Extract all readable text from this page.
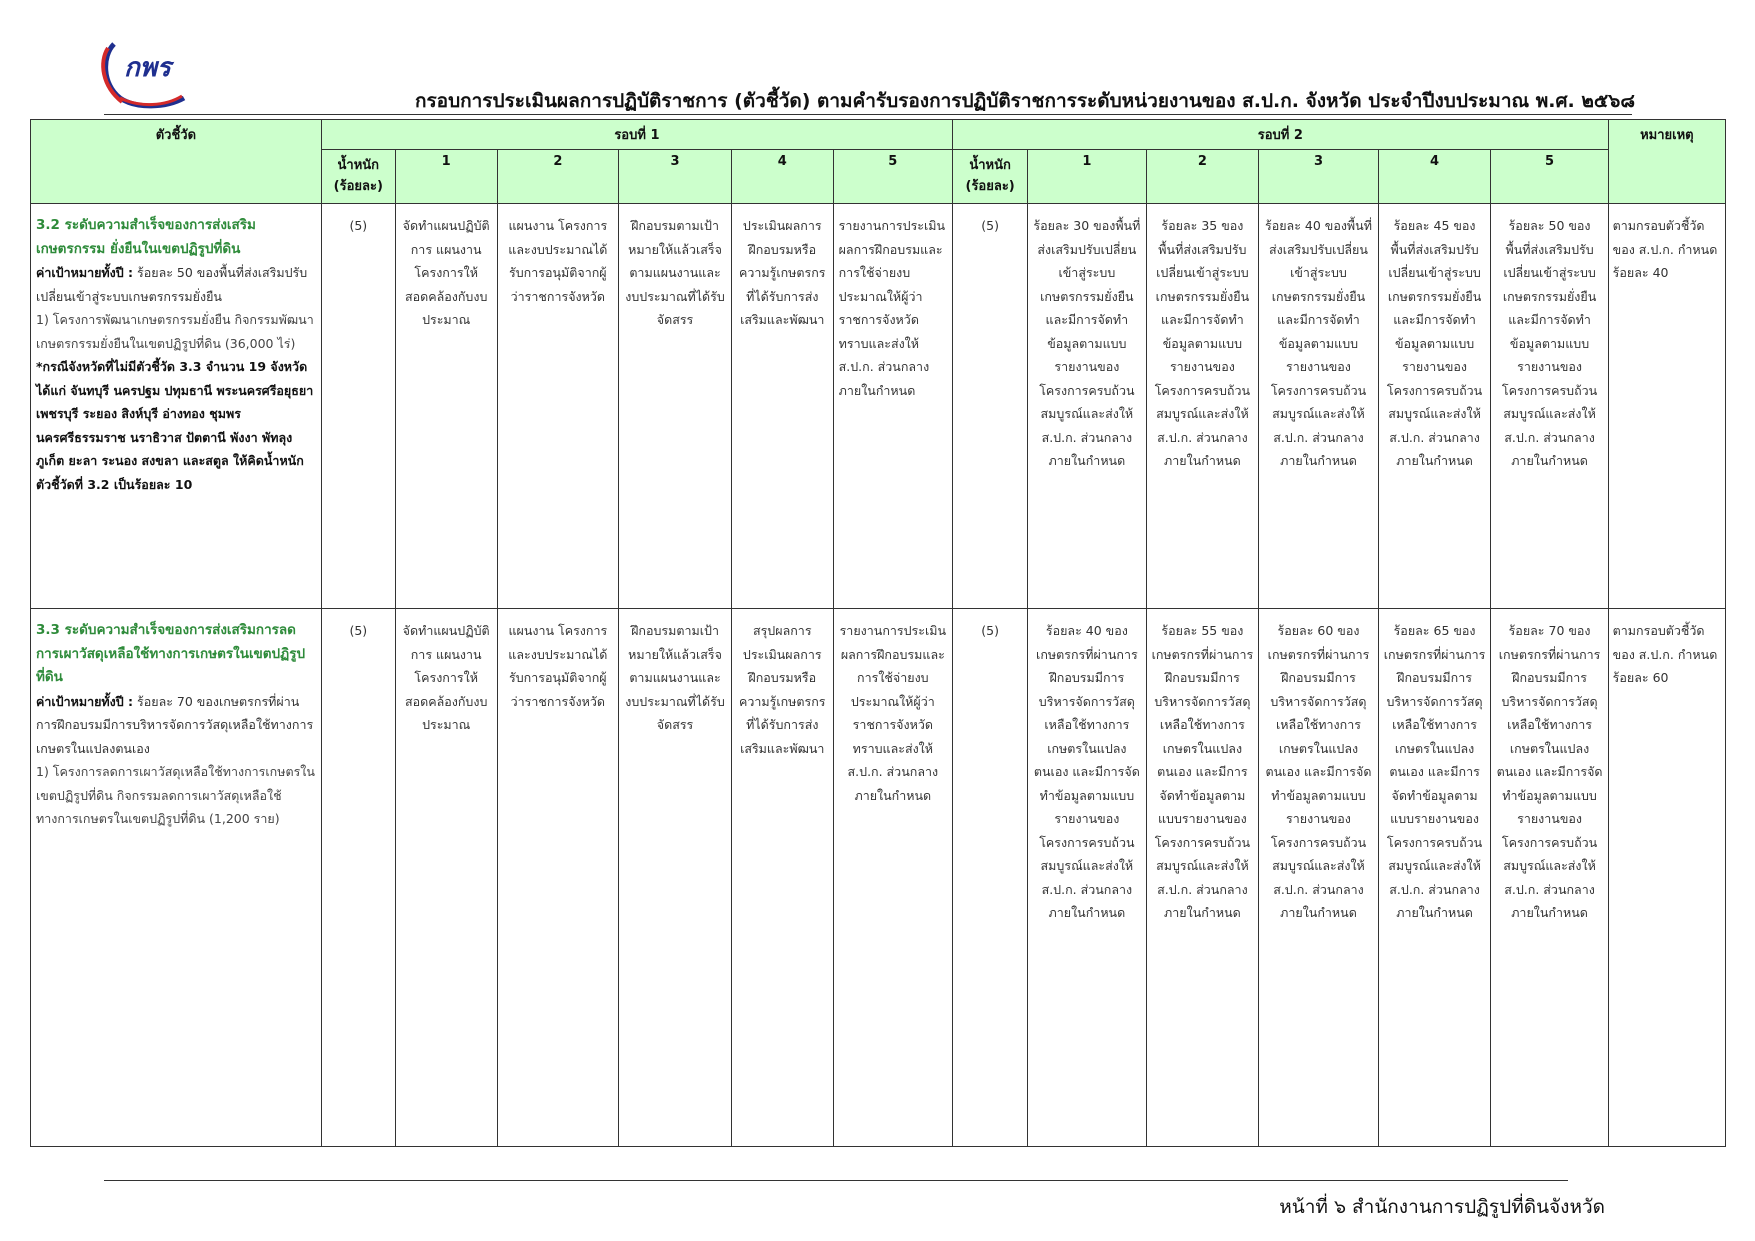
กพร
กรอบการประเมินผลการปฏิบัติราชการ (ตัวชี้วัด) ตามคำรับรองการปฏิบัติราชการระดับหน่วยงานของ ส.ป.ก. จังหวัด ประจำปีงบประมาณ พ.ศ. ๒๕๖๘
ตัวชี้วัด	รอบที่ 1						รอบที่ 2						หมายเหตุ
	น้ำหนัก (ร้อยละ)	1	2	3	4	5	น้ำหนัก (ร้อยละ)	1	2	3	4	5	

3.2 ระดับความสำเร็จของการส่งเสริมเกษตรกรรม ยั่งยืนในเขตปฏิรูปที่ดิน
ค่าเป้าหมายทั้งปี : ร้อยละ 50 ของพื้นที่ส่งเสริมปรับเปลี่ยนเข้าสู่ระบบเกษตรกรรมยั่งยืน
1) โครงการพัฒนาเกษตรกรรมยั่งยืน กิจกรรมพัฒนาเกษตรกรรมยั่งยืนในเขตปฏิรูปที่ดิน (36,000 ไร่)
*กรณีจังหวัดที่ไม่มีตัวชี้วัด 3.3 จำนวน 19 จังหวัด ได้แก่ จันทบุรี นครปฐม ปทุมธานี พระนครศรีอยุธยา เพชรบุรี ระยอง สิงห์บุรี อ่างทอง ชุมพร นครศรีธรรมราช นราธิวาส ปัตตานี พังงา พัทลุง ภูเก็ต ยะลา ระนอง สงขลา และสตูล ให้คิดน้ำหนักตัวชี้วัดที่ 3.2 เป็นร้อยละ 10	(5)	จัดทำแผนปฏิบัติการ แผนงานโครงการให้สอดคล้องกับงบประมาณ	แผนงาน โครงการ และงบประมาณได้รับการอนุมัติจากผู้ว่าราชการจังหวัด	ฝึกอบรมตามเป้าหมายให้แล้วเสร็จตามแผนงานและงบประมาณที่ได้รับจัดสรร	ประเมินผลการฝึกอบรมหรือความรู้เกษตรกรที่ได้รับการส่งเสริมและพัฒนา	รายงานการประเมินผลการฝึกอบรมและการใช้จ่ายงบประมาณให้ผู้ว่าราชการจังหวัดทราบและส่งให้ ส.ป.ก. ส่วนกลางภายในกำหนด	(5)	ร้อยละ 30 ของพื้นที่ส่งเสริมปรับเปลี่ยนเข้าสู่ระบบเกษตรกรรมยั่งยืน และมีการจัดทำข้อมูลตามแบบรายงานของโครงการครบถ้วนสมบูรณ์และส่งให้ ส.ป.ก. ส่วนกลางภายในกำหนด	ร้อยละ 35 ของพื้นที่ส่งเสริมปรับเปลี่ยนเข้าสู่ระบบเกษตรกรรมยั่งยืน และมีการจัดทำข้อมูลตามแบบรายงานของโครงการครบถ้วนสมบูรณ์และส่งให้ ส.ป.ก. ส่วนกลางภายในกำหนด	ร้อยละ 40 ของพื้นที่ส่งเสริมปรับเปลี่ยนเข้าสู่ระบบเกษตรกรรมยั่งยืน และมีการจัดทำข้อมูลตามแบบรายงานของโครงการครบถ้วนสมบูรณ์และส่งให้ ส.ป.ก. ส่วนกลางภายในกำหนด	ร้อยละ 45 ของพื้นที่ส่งเสริมปรับเปลี่ยนเข้าสู่ระบบเกษตรกรรมยั่งยืน และมีการจัดทำข้อมูลตามแบบรายงานของโครงการครบถ้วนสมบูรณ์และส่งให้ ส.ป.ก. ส่วนกลางภายในกำหนด	ร้อยละ 50 ของพื้นที่ส่งเสริมปรับเปลี่ยนเข้าสู่ระบบเกษตรกรรมยั่งยืน และมีการจัดทำข้อมูลตามแบบรายงานของโครงการครบถ้วนสมบูรณ์และส่งให้ ส.ป.ก. ส่วนกลางภายในกำหนด	ตามกรอบตัวชี้วัดของ ส.ป.ก. กำหนด ร้อยละ 40

3.3 ระดับความสำเร็จของการส่งเสริมการลดการเผาวัสดุเหลือใช้ทางการเกษตรในเขตปฏิรูปที่ดิน
ค่าเป้าหมายทั้งปี : ร้อยละ 70 ของเกษตรกรที่ผ่านการฝึกอบรมมีการบริหารจัดการวัสดุเหลือใช้ทางการเกษตรในแปลงตนเอง
1) โครงการลดการเผาวัสดุเหลือใช้ทางการเกษตรในเขตปฏิรูปที่ดิน กิจกรรมลดการเผาวัสดุเหลือใช้ทางการเกษตรในเขตปฏิรูปที่ดิน (1,200 ราย)	(5)	จัดทำแผนปฏิบัติการ แผนงานโครงการให้สอดคล้องกับงบประมาณ	แผนงาน โครงการ และงบประมาณได้รับการอนุมัติจากผู้ว่าราชการจังหวัด	ฝึกอบรมตามเป้าหมายให้แล้วเสร็จตามแผนงานและงบประมาณที่ได้รับจัดสรร	สรุปผลการประเมินผลการฝึกอบรมหรือความรู้เกษตรกรที่ได้รับการส่งเสริมและพัฒนา	รายงานการประเมินผลการฝึกอบรมและการใช้จ่ายงบประมาณให้ผู้ว่าราชการจังหวัดทราบและส่งให้ ส.ป.ก. ส่วนกลางภายในกำหนด	(5)	ร้อยละ 40 ของเกษตรกรที่ผ่านการฝึกอบรมมีการบริหารจัดการวัสดุเหลือใช้ทางการเกษตรในแปลงตนเอง และมีการจัดทำข้อมูลตามแบบรายงานของโครงการครบถ้วนสมบูรณ์และส่งให้ ส.ป.ก. ส่วนกลางภายในกำหนด	ร้อยละ 55 ของเกษตรกรที่ผ่านการฝึกอบรมมีการบริหารจัดการวัสดุเหลือใช้ทางการเกษตรในแปลงตนเอง และมีการจัดทำข้อมูลตามแบบรายงานของโครงการครบถ้วนสมบูรณ์และส่งให้ ส.ป.ก. ส่วนกลางภายในกำหนด	ร้อยละ 60 ของเกษตรกรที่ผ่านการฝึกอบรมมีการบริหารจัดการวัสดุเหลือใช้ทางการเกษตรในแปลงตนเอง และมีการจัดทำข้อมูลตามแบบรายงานของโครงการครบถ้วนสมบูรณ์และส่งให้ ส.ป.ก. ส่วนกลางภายในกำหนด	ร้อยละ 65 ของเกษตรกรที่ผ่านการฝึกอบรมมีการบริหารจัดการวัสดุเหลือใช้ทางการเกษตรในแปลงตนเอง และมีการจัดทำข้อมูลตามแบบรายงานของโครงการครบถ้วนสมบูรณ์และส่งให้ ส.ป.ก. ส่วนกลางภายในกำหนด	ร้อยละ 70 ของเกษตรกรที่ผ่านการฝึกอบรมมีการบริหารจัดการวัสดุเหลือใช้ทางการเกษตรในแปลงตนเอง และมีการจัดทำข้อมูลตามแบบรายงานของโครงการครบถ้วนสมบูรณ์และส่งให้ ส.ป.ก. ส่วนกลางภายในกำหนด	ตามกรอบตัวชี้วัดของ ส.ป.ก. กำหนด ร้อยละ 60
หน้าที่ ๖ สำนักงานการปฏิรูปที่ดินจังหวัด
